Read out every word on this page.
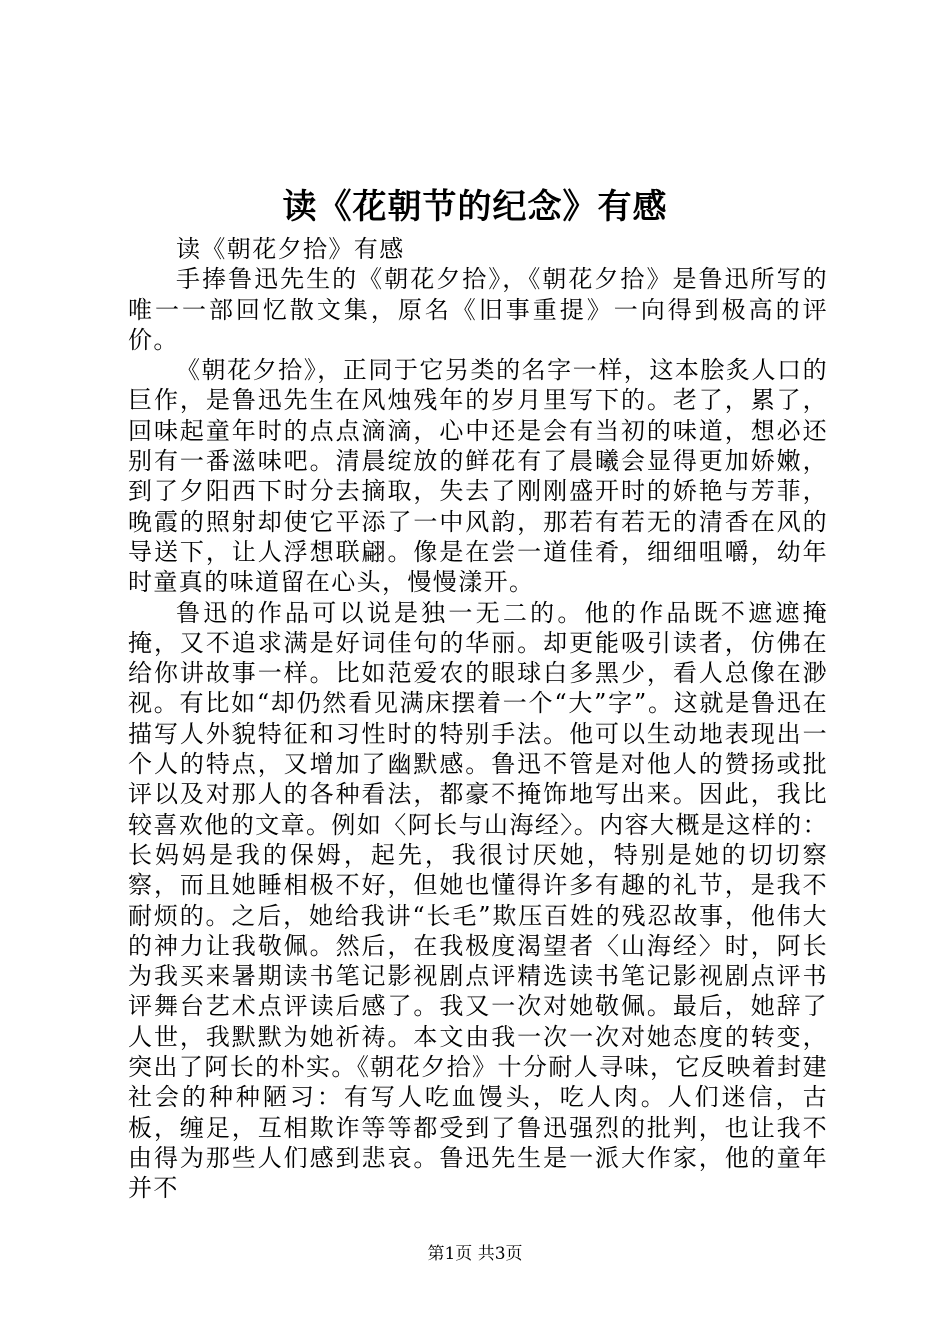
读《花朝节的纪念》有感

读《朝花夕拾》有感

手捧鲁迅先生的《朝花夕拾》，《朝花夕拾》是鲁迅所写的唯一一部回忆散文集，原名《旧事重提》一向得到极高的评价。

《朝花夕拾》，正同于它另类的名字一样，这本脍炙人口的巨作，是鲁迅先生在风烛残年的岁月里写下的。老了，累了，回味起童年时的点点滴滴，心中还是会有当初的味道，想必还别有一番滋味吧。清晨绽放的鲜花有了晨曦会显得更加娇嫩，到了夕阳西下时分去摘取，失去了刚刚盛开时的娇艳与芳菲，晚霞的照射却使它平添了一中风韵，那若有若无的清香在风的导送下，让人浮想联翩。像是在尝一道佳肴，细细咀嚼，幼年时童真的味道留在心头，慢慢漾开。

鲁迅的作品可以说是独一无二的。他的作品既不遮遮掩掩，又不追求满是好词佳句的华丽。却更能吸引读者，仿佛在给你讲故事一样。比如范爱农的眼球白多黑少，看人总像在渺视。有比如“却仍然看见满床摆着一个“大”字”。这就是鲁迅在描写人外貌特征和习性时的特别手法。他可以生动地表现出一个人的特点，又增加了幽默感。鲁迅不管是对他人的赞扬或批评以及对那人的各种看法，都豪不掩饰地写出来。因此，我比较喜欢他的文章。例如〈阿长与山海经〉。内容大概是这样的：长妈妈是我的保姆，起先，我很讨厌她，特别是她的切切察察，而且她睡相极不好，但她也懂得许多有趣的礼节，是我不耐烦的。之后，她给我讲“长毛”欺压百姓的残忍故事，他伟大的神力让我敬佩。然后，在我极度渴望者〈山海经〉时，阿长为我买来暑期读书笔记影视剧点评精选读书笔记影视剧点评书评舞台艺术点评读后感了。我又一次对她敬佩。最后，她辞了人世，我默默为她祈祷。本文由我一次一次对她态度的转变，突出了阿长的朴实。《朝花夕拾》十分耐人寻味，它反映着封建社会的种种陋习：有写人吃血馒头，吃人肉。人们迷信，古板，缠足，互相欺诈等等都受到了鲁迅强烈的批判，也让我不由得为那些人们感到悲哀。鲁迅先生是一派大作家，他的童年并不

第1页 共3页
